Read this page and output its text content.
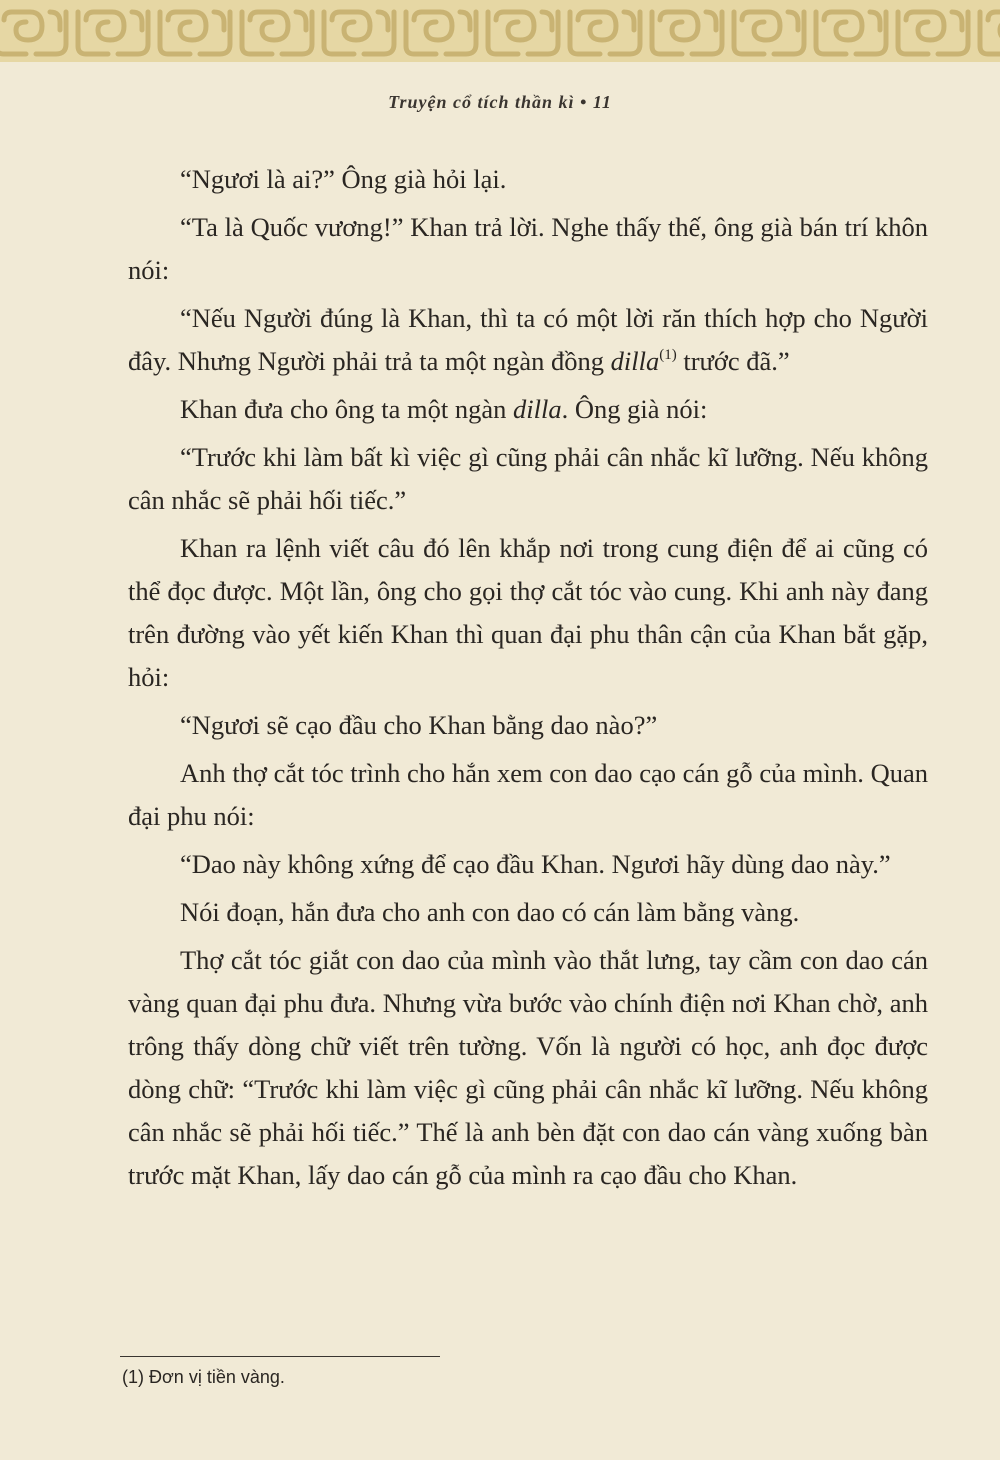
Truyện cổ tích thần kì • 11

“Ngươi là ai?” Ông già hỏi lại.

“Ta là Quốc vương!” Khan trả lời. Nghe thấy thế, ông già bán trí khôn nói:

“Nếu Người đúng là Khan, thì ta có một lời răn thích hợp cho Người đây. Nhưng Người phải trả ta một ngàn đồng dilla$^{(1)}$ trước đã.”

Khan đưa cho ông ta một ngàn dilla. Ông già nói:

“Trước khi làm bất kì việc gì cũng phải cân nhắc kĩ lưỡng. Nếu không cân nhắc sẽ phải hối tiếc.”

Khan ra lệnh viết câu đó lên khắp nơi trong cung điện để ai cũng có thể đọc được. Một lần, ông cho gọi thợ cắt tóc vào cung. Khi anh này đang trên đường vào yết kiến Khan thì quan đại phu thân cận của Khan bắt gặp, hỏi:

“Ngươi sẽ cạo đầu cho Khan bằng dao nào?”

Anh thợ cắt tóc trình cho hắn xem con dao cạo cán gỗ của mình. Quan đại phu nói:

“Dao này không xứng để cạo đầu Khan. Ngươi hãy dùng dao này.”

Nói đoạn, hắn đưa cho anh con dao có cán làm bằng vàng.

Thợ cắt tóc giắt con dao của mình vào thắt lưng, tay cầm con dao cán vàng quan đại phu đưa. Nhưng vừa bước vào chính điện nơi Khan chờ, anh trông thấy dòng chữ viết trên tường. Vốn là người có học, anh đọc được dòng chữ: “Trước khi làm việc gì cũng phải cân nhắc kĩ lưỡng. Nếu không cân nhắc sẽ phải hối tiếc.” Thế là anh bèn đặt con dao cán vàng xuống bàn trước mặt Khan, lấy dao cán gỗ của mình ra cạo đầu cho Khan.

(1) Đơn vị tiền vàng.
